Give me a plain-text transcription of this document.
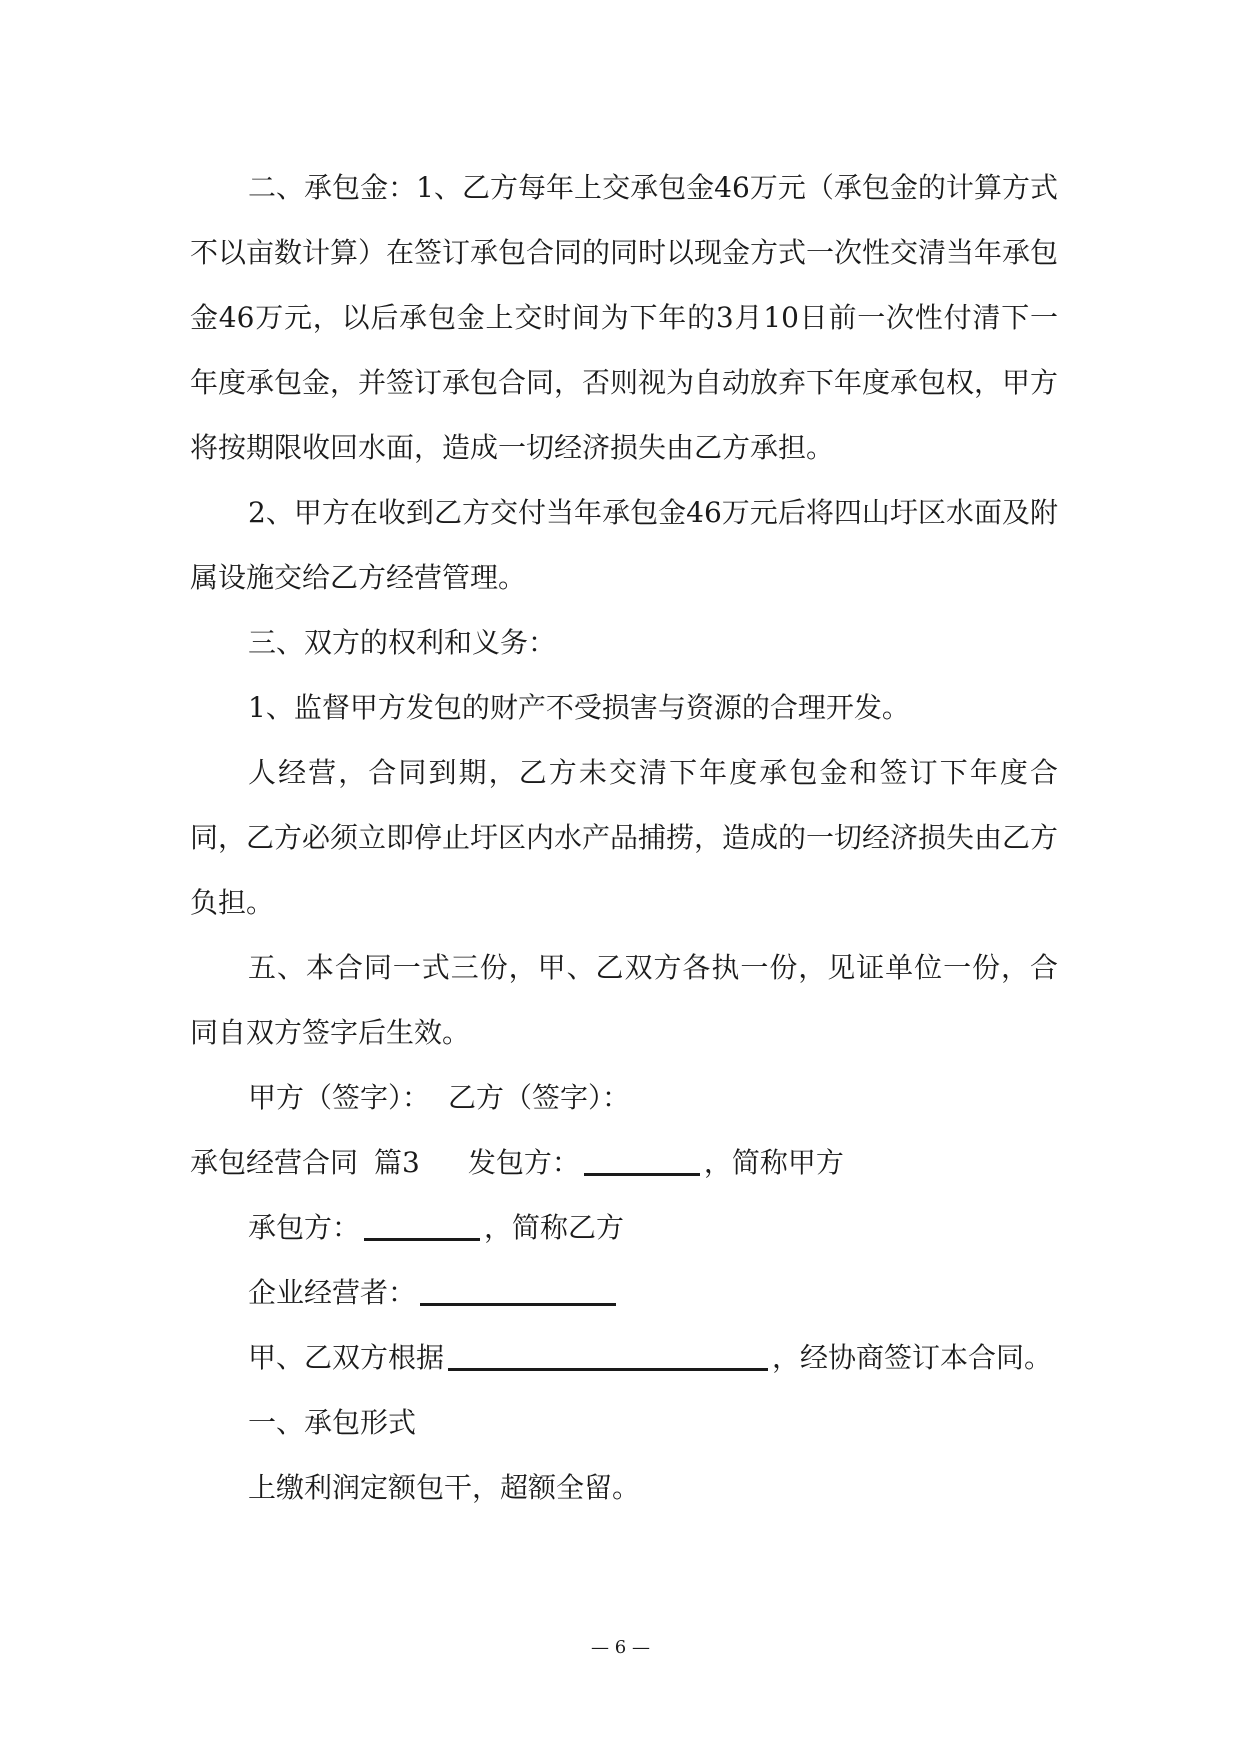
二、承包金：1、乙方每年上交承包金46万元（承包金的计算方式不以亩数计算）在签订承包合同的同时以现金方式一次性交清当年承包金46万元，以后承包金上交时间为下年的3月10日前一次性付清下一年度承包金，并签订承包合同，否则视为自动放弃下年度承包权，甲方将按期限收回水面，造成一切经济损失由乙方承担。

2、甲方在收到乙方交付当年承包金46万元后将四山圩区水面及附属设施交给乙方经营管理。

三、双方的权利和义务：

1、监督甲方发包的财产不受损害与资源的合理开发。

人经营，合同到期，乙方未交清下年度承包金和签订下年度合同，乙方必须立即停止圩区内水产品捕捞，造成的一切经济损失由乙方负担。

五、本合同一式三份，甲、乙双方各执一份，见证单位一份，合同自双方签字后生效。

甲方（签字）： 乙方（签字）：

承包经营合同 篇3 发包方：	，简称甲方

承包方：	，简称乙方

企业经营者：

甲、乙双方根据	，经协商签订本合同。

一、承包形式

上缴利润定额包干，超额全留。

— 6 —
